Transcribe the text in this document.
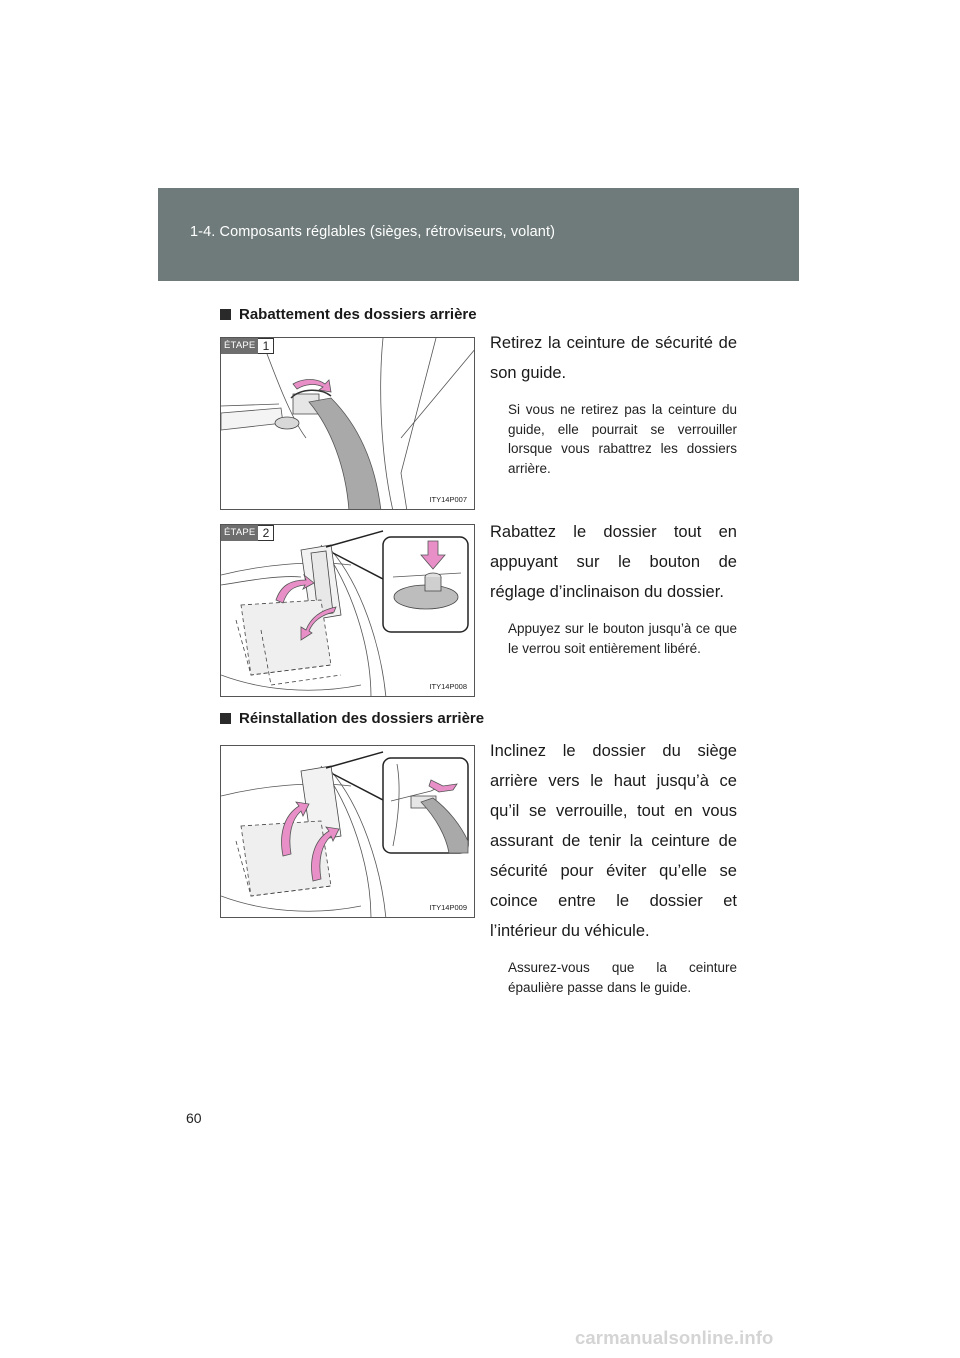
1-4. Composants réglables (sièges, rétroviseurs, volant)
Rabattement des dossiers arrière
ÉTAPE 1
ITY14P007

Retirez la ceinture de sécurité de son guide.

Si vous ne retirez pas la ceinture du guide, elle pourrait se verrouiller lorsque vous rabattrez les dossiers arrière.

ÉTAPE 2
ITY14P008

Rabattez le dossier tout en appuyant sur le bouton de réglage d’inclinaison du dossier.

Appuyez sur le bouton jusqu’à ce que le verrou soit entièrement libéré.

Réinstallation des dossiers arrière
ITY14P009

Inclinez le dossier du siège arrière vers le haut jusqu’à ce qu’il se verrouille, tout en vous assurant de tenir la ceinture de sécurité pour éviter qu’elle se coince entre le dossier et l’intérieur du véhicule.

Assurez-vous que la ceinture épaulière passe dans le guide.

60
carmanualsonline.info
